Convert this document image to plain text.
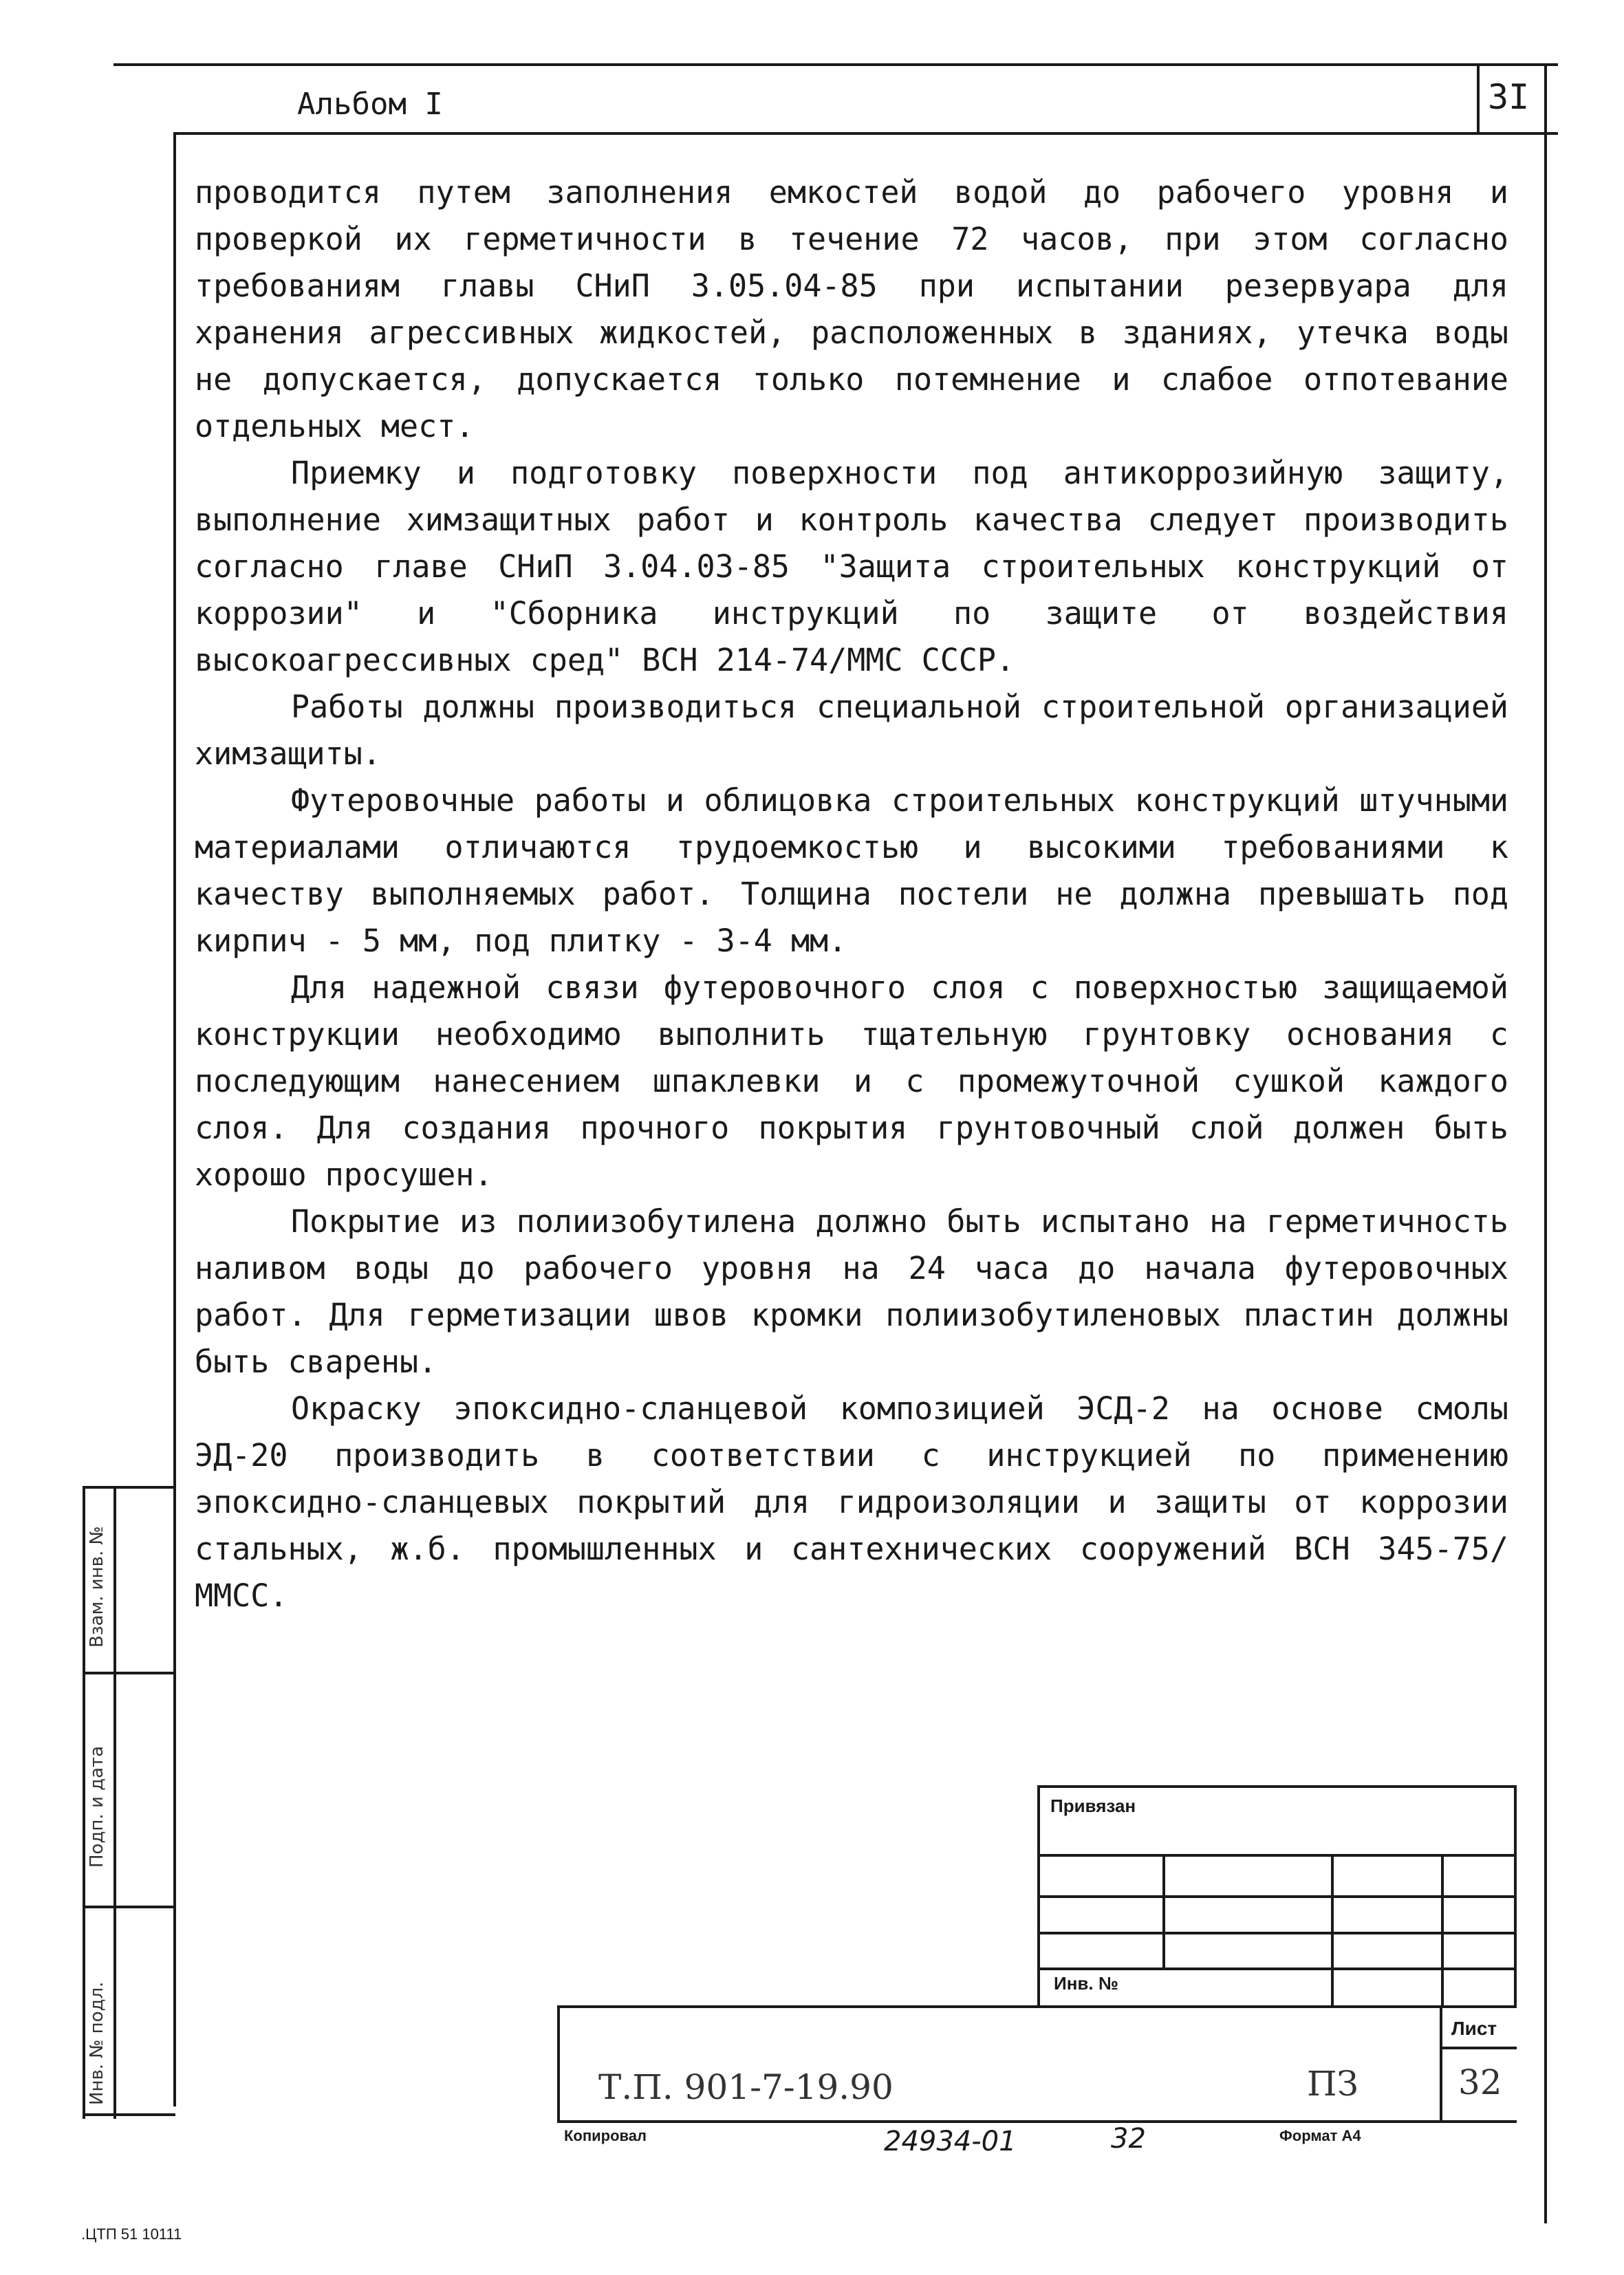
3I
Альбом I

проводится путем заполнения емкостей водой до рабочего уровня и проверкой их герметичности в течение 72 часов, при этом согласно требованиям главы СНиП 3.05.04-85 при испытании резервуара для хранения агрессивных жидкостей, расположенных в зданиях, утечка воды не допускается, допускается только потемнение и слабое отпотевание отдельных мест.

Приемку и подготовку поверхности под антикоррозийную защиту, выполнение химзащитных работ и контроль качества следует производить согласно главе СНиП 3.04.03-85 "Защита строительных конструкций от коррозии" и "Сборника инструкций по защите от воздействия высокоагрессивных сред" ВСН 214-74/ММС СССР.

Работы должны производиться специальной строительной организацией химзащиты.

Футеровочные работы и облицовка строительных конструкций штучными материалами отличаются трудоемкостью и высокими требованиями к качеству выполняемых работ. Толщина постели не должна превышать под кирпич - 5 мм, под плитку - 3-4 мм.

Для надежной связи футеровочного слоя с поверхностью защищаемой конструкции необходимо выполнить тщательную грунтовку основания с последующим нанесением шпаклевки и с промежуточной сушкой каждого слоя. Для создания прочного покрытия грунтовочный слой должен быть хорошо просушен.

Покрытие из полиизобутилена должно быть испытано на герметичность наливом воды до рабочего уровня на 24 часа до начала футеровочных работ. Для герметизации швов кромки полиизобутиленовых пластин должны быть сварены.

Окраску эпоксидно-сланцевой композицией ЭСД-2 на основе смолы ЭД-20 производить в соответствии с инструкцией по применению эпоксидно-сланцевых покрытий для гидроизоляции и защиты от коррозии стальных, ж.б. промышленных и сантехнических сооружений ВСН 345-75/ММСС.

Взам. инв. №
Подп. и дата
Инв. № подл.
Привязан
Инв. №
Лист
Т.П. 901-7-19.90	ПЗ	32
Копировал	24934-01	32	Формат А4
.ЦТП 51 10111
